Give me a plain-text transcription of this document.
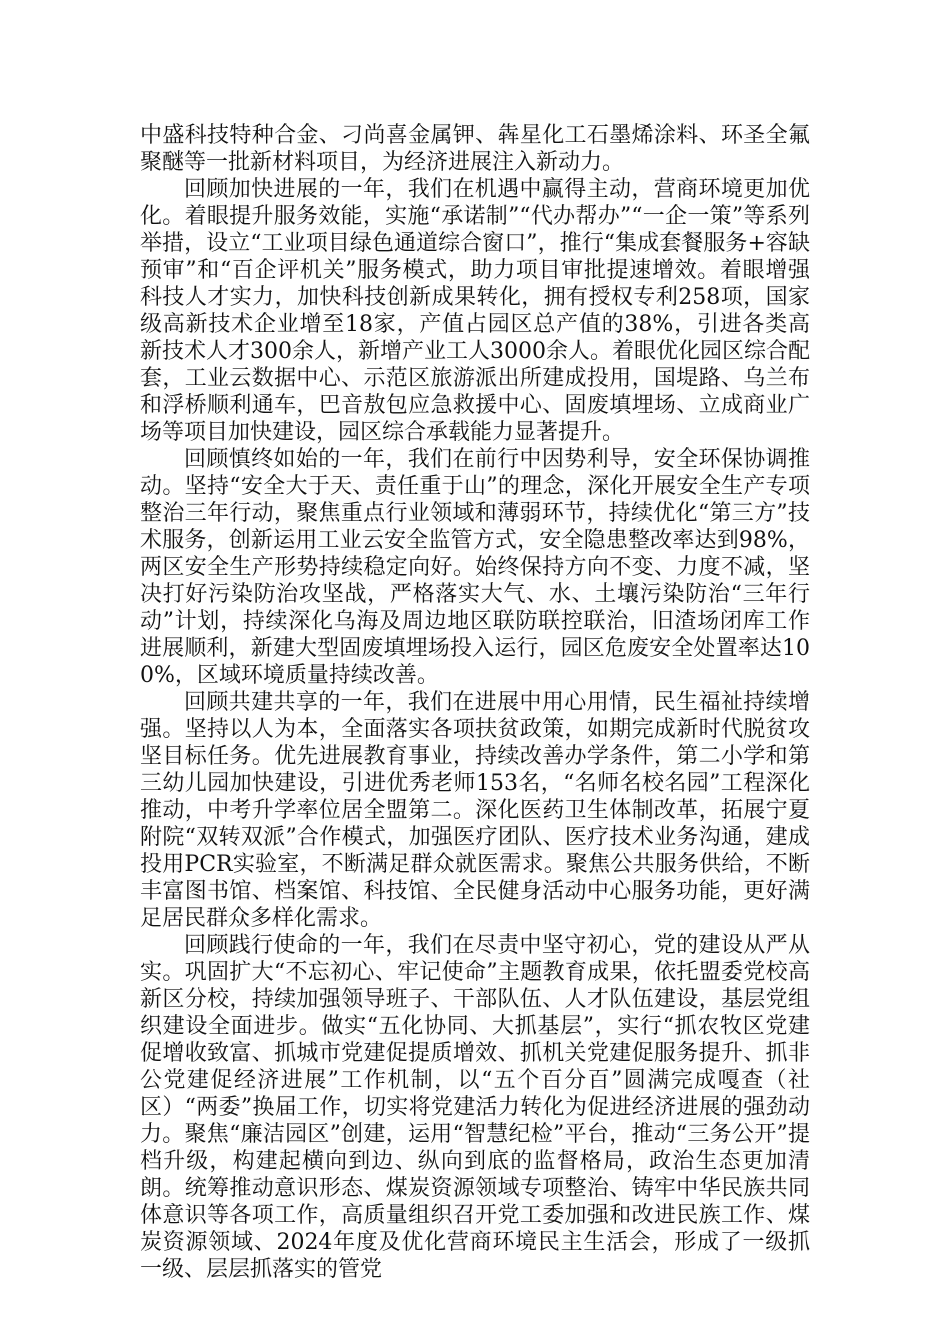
中盛科技特种合金、刁尚喜金属钾、犇星化工石墨烯涂料、环圣全氟聚醚等一批新材料项目，为经济进展注入新动力。

回顾加快进展的一年，我们在机遇中赢得主动，营商环境更加优化。着眼提升服务效能，实施“承诺制”“代办帮办”“一企一策”等系列举措，设立“工业项目绿色通道综合窗口”，推行“集成套餐服务+容缺预审”和“百企评机关”服务模式，助力项目审批提速增效。着眼增强科技人才实力，加快科技创新成果转化，拥有授权专利258项，国家级高新技术企业增至18家，产值占园区总产值的38%，引进各类高新技术人才300余人，新增产业工人3000余人。着眼优化园区综合配套，工业云数据中心、示范区旅游派出所建成投用，国堤路、乌兰布和浮桥顺利通车，巴音敖包应急救援中心、固废填埋场、立成商业广场等项目加快建设，园区综合承载能力显著提升。

回顾慎终如始的一年，我们在前行中因势利导，安全环保协调推动。坚持“安全大于天、责任重于山”的理念，深化开展安全生产专项整治三年行动，聚焦重点行业领域和薄弱环节，持续优化“第三方”技术服务，创新运用工业云安全监管方式，安全隐患整改率达到98%，两区安全生产形势持续稳定向好。始终保持方向不变、力度不减，坚决打好污染防治攻坚战，严格落实大气、水、土壤污染防治“三年行动”计划，持续深化乌海及周边地区联防联控联治，旧渣场闭库工作进展顺利，新建大型固废填埋场投入运行，园区危废安全处置率达100%，区域环境质量持续改善。

回顾共建共享的一年，我们在进展中用心用情，民生福祉持续增强。坚持以人为本，全面落实各项扶贫政策，如期完成新时代脱贫攻坚目标任务。优先进展教育事业，持续改善办学条件，第二小学和第三幼儿园加快建设，引进优秀老师153名，“名师名校名园”工程深化推动，中考升学率位居全盟第二。深化医药卫生体制改革，拓展宁夏附院“双转双派”合作模式，加强医疗团队、医疗技术业务沟通，建成投用PCR实验室，不断满足群众就医需求。聚焦公共服务供给，不断丰富图书馆、档案馆、科技馆、全民健身活动中心服务功能，更好满足居民群众多样化需求。

回顾践行使命的一年，我们在尽责中坚守初心，党的建设从严从实。巩固扩大“不忘初心、牢记使命”主题教育成果，依托盟委党校高新区分校，持续加强领导班子、干部队伍、人才队伍建设，基层党组织建设全面进步。做实“五化协同、大抓基层”，实行“抓农牧区党建促增收致富、抓城市党建促提质增效、抓机关党建促服务提升、抓非公党建促经济进展”工作机制，以“五个百分百”圆满完成嘎查（社区）“两委”换届工作，切实将党建活力转化为促进经济进展的强劲动力。聚焦“廉洁园区”创建，运用“智慧纪检”平台，推动“三务公开”提档升级，构建起横向到边、纵向到底的监督格局，政治生态更加清朗。统筹推动意识形态、煤炭资源领域专项整治、铸牢中华民族共同体意识等各项工作，高质量组织召开党工委加强和改进民族工作、煤炭资源领域、2024年度及优化营商环境民主生活会，形成了一级抓一级、层层抓落实的管党
